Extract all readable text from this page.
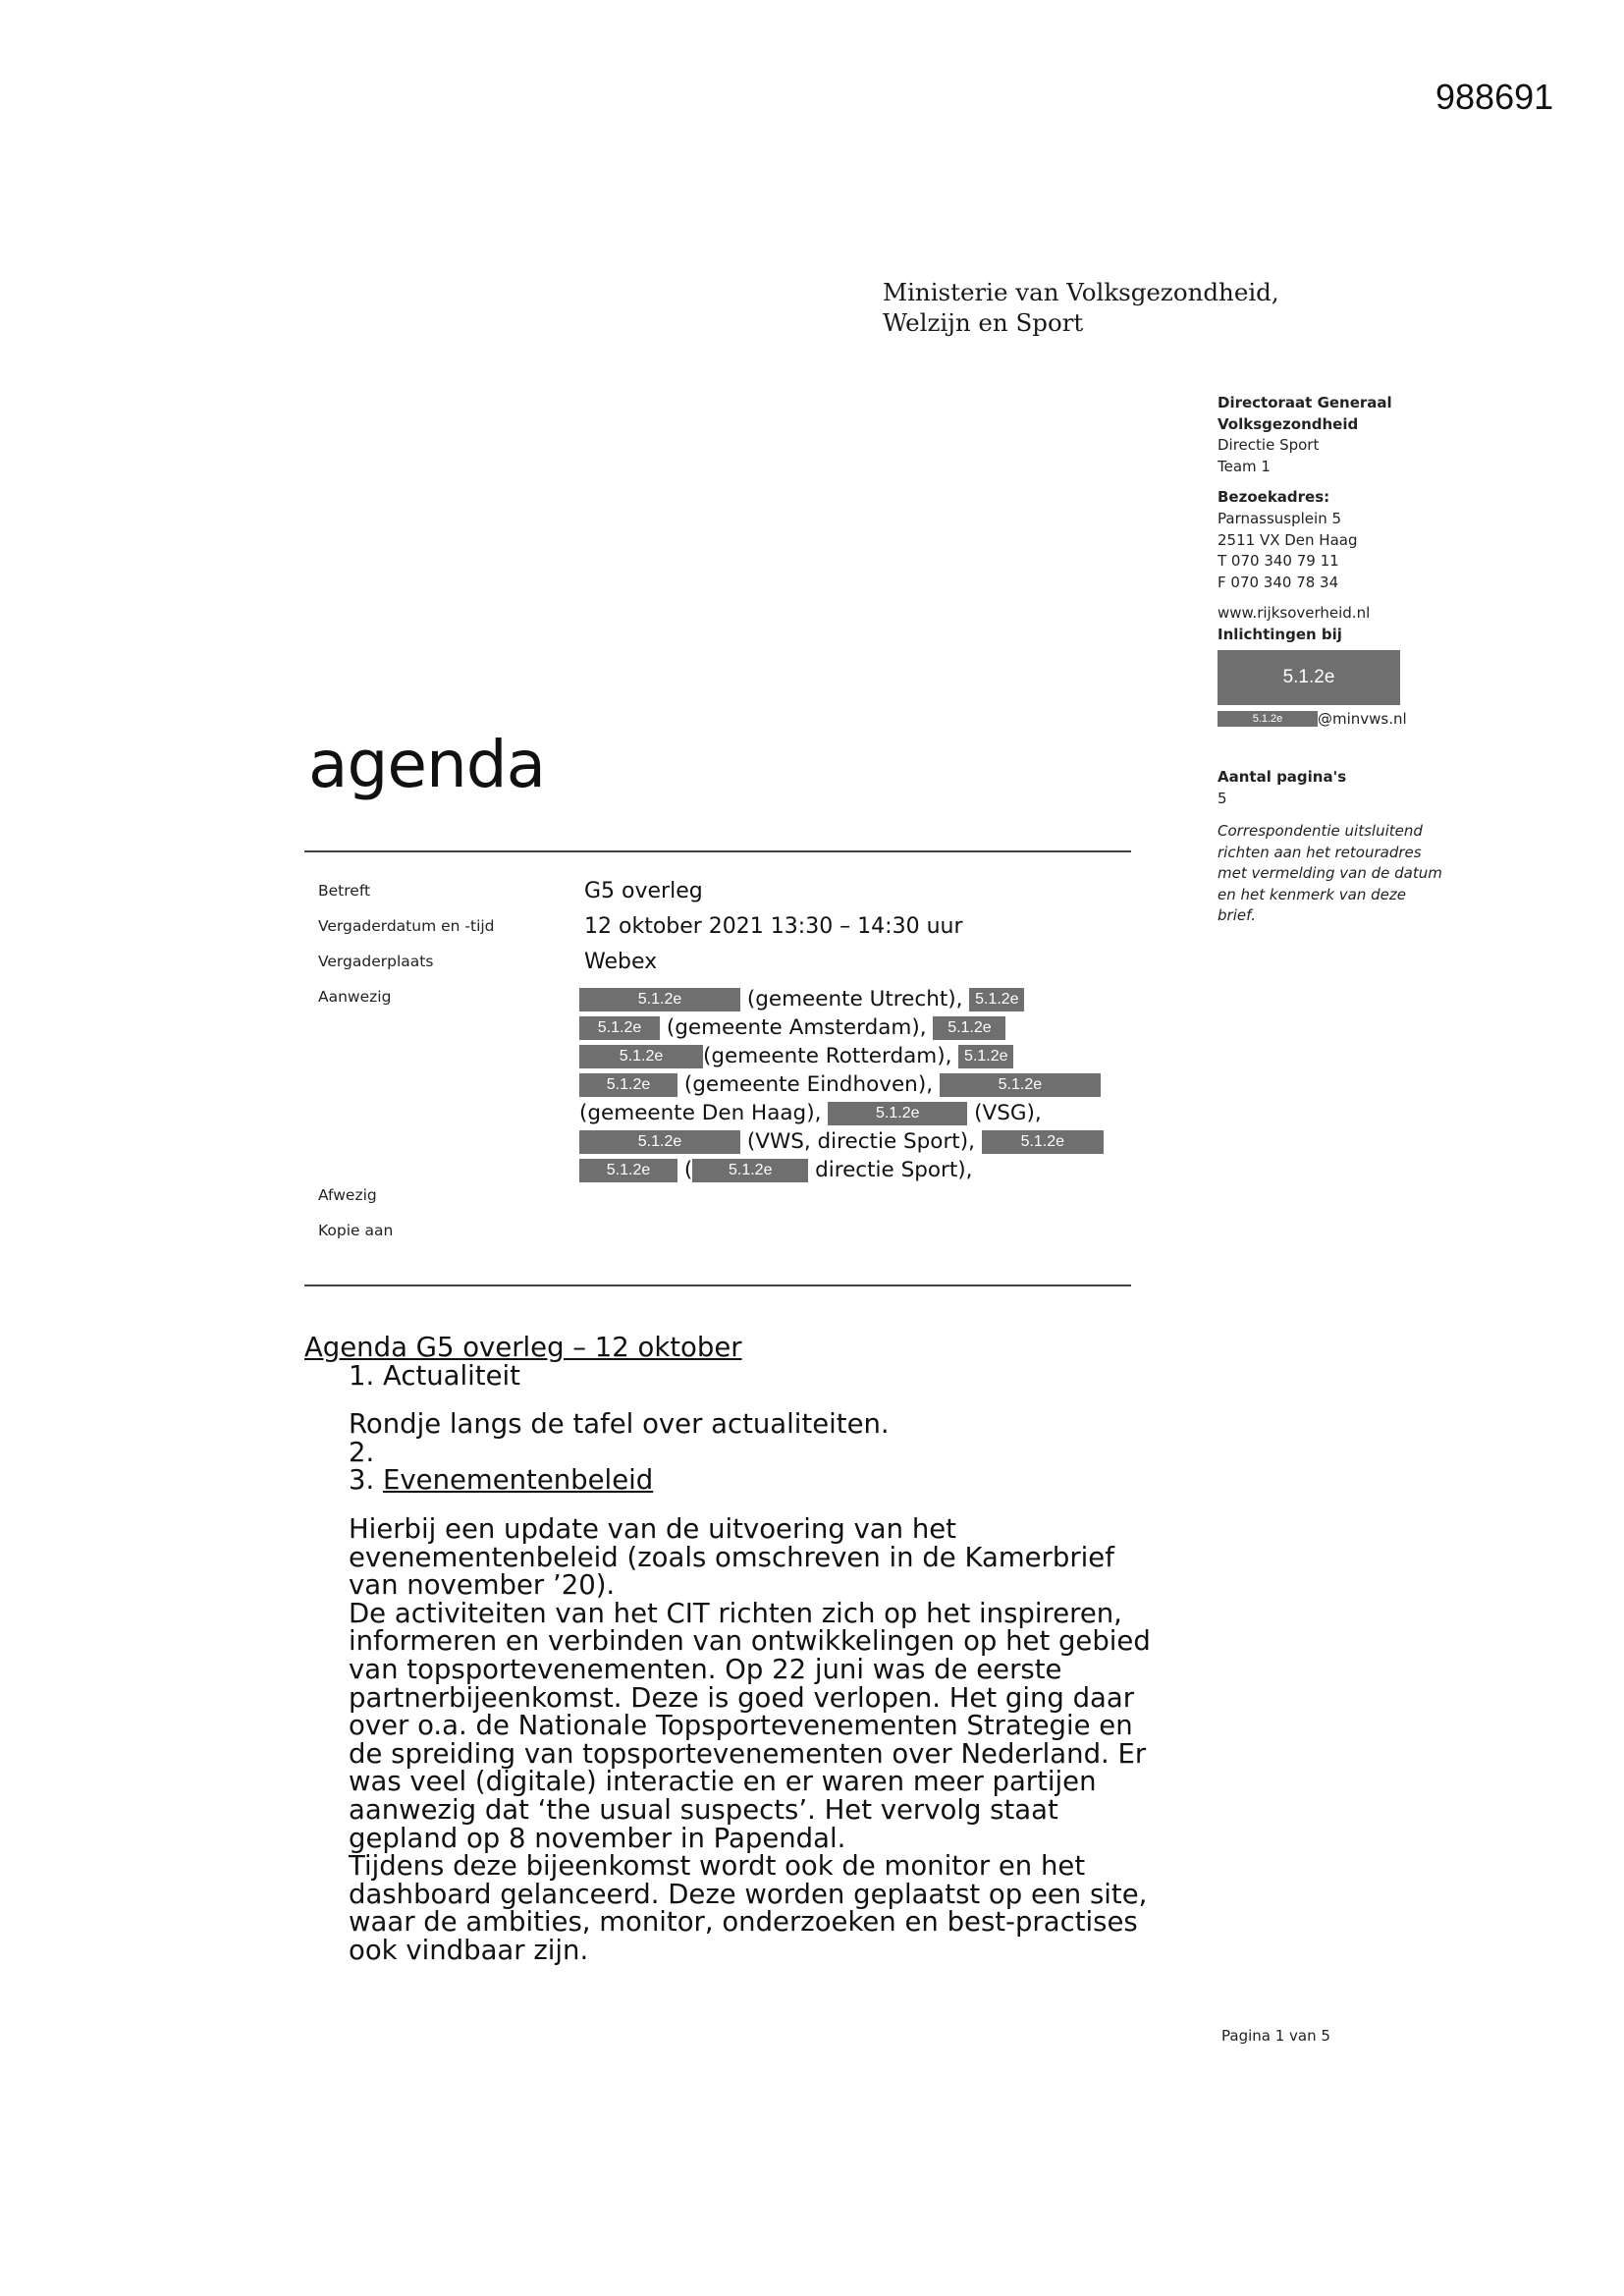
988691
Ministerie van Volksgezondheid,
Welzijn en Sport
Directoraat Generaal
Volksgezondheid
Directie Sport
Team 1
Bezoekadres:
Parnassusplein 5
2511 VX Den Haag
T 070 340 79 11
F 070 340 78 34
www.rijksoverheid.nl
Inlichtingen bij
5.1.2e
5.1.2e @minvws.nl
Aantal pagina's
5
Correspondentie uitsluitend
richten aan het retouradres
met vermelding van de datum
en het kenmerk van deze
brief.
agenda
Betreft	G5 overleg
Vergaderdatum en -tijd	12 oktober 2021 13:30 – 14:30 uur
Vergaderplaats	Webex
Aanwezig	5.1.2e	(gemeente Utrecht), 5.1.2e
5.1.2e (gemeente Amsterdam), 5.1.2e
5.1.2e (gemeente Rotterdam), 5.1.2e
5.1.2e (gemeente Eindhoven),	5.1.2e
(gemeente Den Haag),	5.1.2e	(VSG),
5.1.2e	(VWS, directie Sport),	5.1.2e
5.1.2e ( 5.1.2e directie Sport),
Afwezig
Kopie aan
Agenda G5 overleg – 12 oktober
1. Actualiteit
Rondje langs de tafel over actualiteiten.
2.
3. Evenementenbeleid
Hierbij een update van de uitvoering van het
evenementenbeleid (zoals omschreven in de Kamerbrief
van november ’20).
De activiteiten van het CIT richten zich op het inspireren,
informeren en verbinden van ontwikkelingen op het gebied
van topsportevenementen. Op 22 juni was de eerste
partnerbijeenkomst. Deze is goed verlopen. Het ging daar
over o.a. de Nationale Topsportevenementen Strategie en
de spreiding van topsportevenementen over Nederland. Er
was veel (digitale) interactie en er waren meer partijen
aanwezig dat ‘the usual suspects’. Het vervolg staat
gepland op 8 november in Papendal.
Tijdens deze bijeenkomst wordt ook de monitor en het
dashboard gelanceerd. Deze worden geplaatst op een site,
waar de ambities, monitor, onderzoeken en best-practises
ook vindbaar zijn.
Pagina 1 van 5
